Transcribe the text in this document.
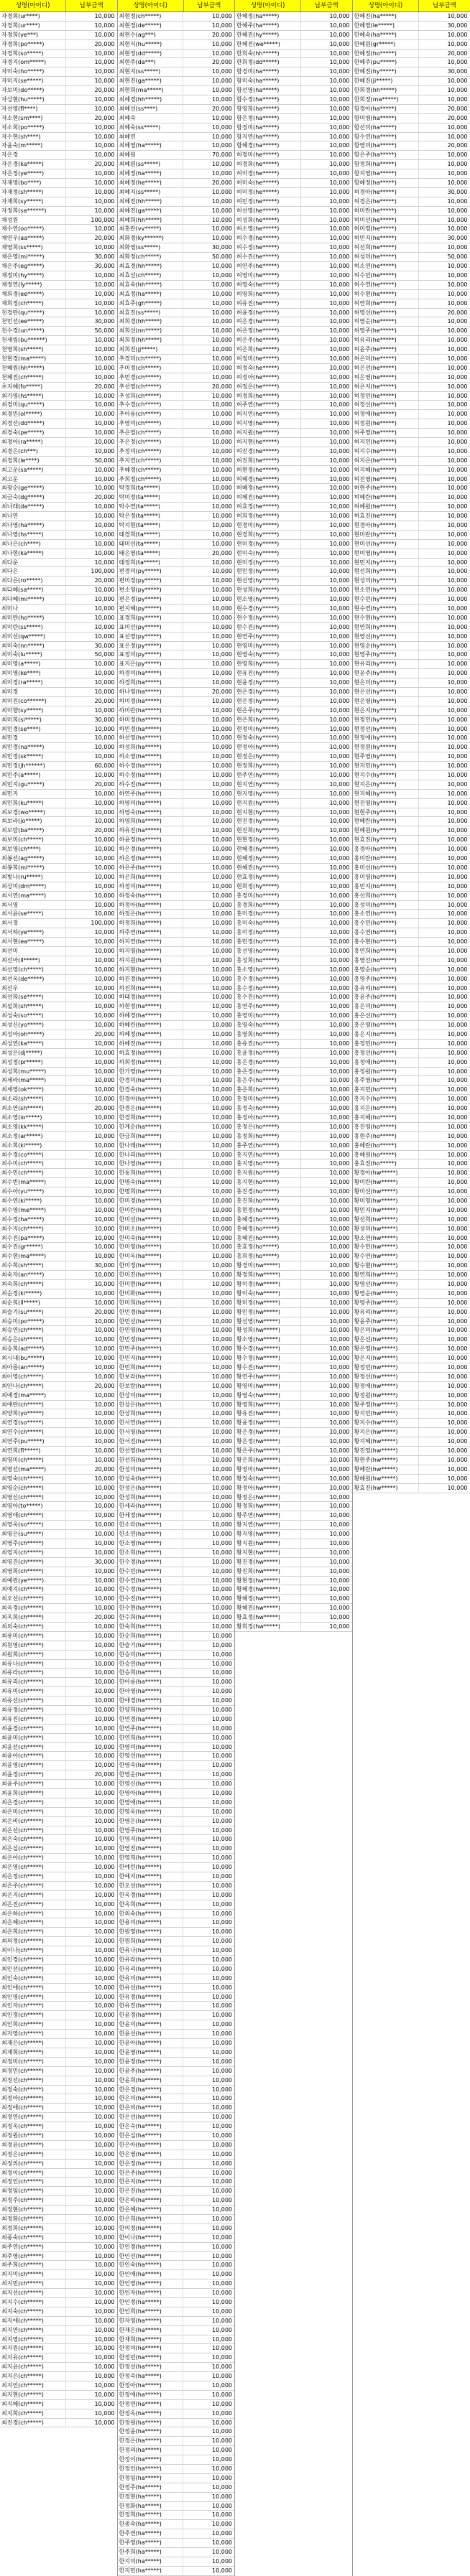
성명(아이디)	납부금액
자경희(ur****)	10,000
자경희(ur****)	10,000
자경희(ye***)	10,000
자경희(po*****)	20,000
자경희(so*****)	10,000
자경지(om*****)	10,000
자미숙(ho*****)	10,000
자미지(se*****)	10,000
자보미(do*****)	20,000
자상현(hu*****)	10,000
자선영(fl****)	10,000
자소현(sm****)	20,000
자소희(po*****)	10,000
자수현(sh****)	10,000
자윤숙(m*****)	10,000
자은경	10,000
자은경(ka*****)	20,000
자은정(ye*****)	10,000
자재영(bo****)	10,000
자재정(sh*****)	10,000
자재희(sy*****)	10,000
자정희(sa******)	10,000
채성원	100,000
채수연(oo*****)	10,000
채연우(aa*****)	20,000
채영희(ss*****)	10,000
채은영(mi*****)	30,000
채은주(eg*****)	30,000
채정미(hy*****)	10,000
채정연(ly*****)	10,000
채희경(ee*****)	10,000
채희정(ch*****)	10,000
천경란(qu*****)	10,000
천민선(ee*****)	30,000
천수경(un*****)	50,000
천세림(bu******)	10,000
천영희(sh*****)	10,000
천현경(ma*****)	10,000
천혜원(hh*****)	10,000
천혜진(ch*****)	10,000
초지혜(fo*****)	20,000
최가영(hs*****)	10,000
최경미(qu*****)	10,000
최경민(ol*****)	10,000
최경선(dd*****)	10,000
최경숙(pe*****)	10,000
최경아(ra*****)	10,000
최경은(ch***)	10,000
최경희(le****)	50,000
최고운(sa*****)	10,000
최고운	10,000
최광순(ge*****)	10,000
최금숙(dg*****)	20,000
최나래(da*****)	10,000
최나연	10,000
최나영(ha*****)	10,000
최나영(hs*****)	10,000
최나은(ch****)	10,000
최나현(ka*****)	10,000
최다운	10,000
최다은	100,000
최다은(ro*****)	20,000
최다혜(sa*****)	10,000
최다혜(mi*****)	10,000
최미나	10,000
최미란(ho*****)	10,000
최미란(ss*****)	10,000
최미선(qw*****)	10,000
최미숙(nn*****)	30,000
최미숙(lu*****)	50,000
최미영(a*****)	10,000
최미영(ke****)	10,000
최미정(ra*****)	10,000
최미정	10,000
최미진(co******)	20,000
최미향(sy*****)	10,000
최미희(si*****)	30,000
최민경(se****)	10,000
최민경	10,000
최민경(na*****)	10,000
최민정(sk*****)	10,000
최민정(jh******)	60,000
최민주(a*****)	10,000
최민지(gu*****)	20,000
최민지	10,000
최민희(ku*****)	10,000
최보경(wo*****)	10,000
최보라(jo*****)	10,000
최보람(ba*****)	20,000
최보미(ch*****)	10,000
최보영(ch****)	10,000
최봉선(ag*****)	10,000
최봉희(ml*****)	10,000
최빛나(ru*****)	10,000
최상미(dm*****)	10,000
최서연(ma*****)	10,000
최서영	10,000
최서윤(se*****)	10,000
최서정	100,000
최서하(ye*****)	10,000
최서현(ea*****)	10,000
최선미	10,000
최선아(ll*****)	10,000
최선영(ch*****)	10,000
최선옥(de*****)	10,000
최선우	10,000
최선희(se*****)	10,000
최설희(sh*****)	10,000
최성숙(so*****)	10,000
최성신(yo*****)	10,000
최성아(oh*****)	20,000
최성연(ka*****)	10,000
최성은(dj*****)	10,000
최성정(pr*****)	10,000
최성희(mu*****)	10,000
최세라(ma*****)	10,000
최세영(ok*****)	10,000
최소라(sh*****)	10,000
최소연(sh*****)	20,000
최소영(io*****)	10,000
최소영(kk*****)	10,000
최소정(ar*****)	10,000
최소희(ki*****)	10,000
최수경(co*****)	10,000
최수미(ch*****)	10,000
최수민(ch*****)	10,000
최수빈(ma*****)	10,000
최수아(yu*****)	10,000
최수연(ki*****)	10,000
최수영(me*****)	10,000
최수정(ha*****)	10,000
최수지(ch*****)	10,000
최수진(pa*****)	10,000
최수진(gr*****)	10,000
최수현(ma*****)	10,000
최수희(sh*****)	30,000
최숙자(an*****)	10,000
최숙희(ch*****)	10,000
최순정(ki*****)	10,000
최순희(ll*****)	10,000
최슬기(su*****)	20,000
최승미(po*****)	10,000
최승연(ch*****)	10,000
최승은(sh*****)	10,000
최승희(ad*****)	10,000
최시내(bu*****)	10,000
최아름(an*****)	10,000
최아영(ch*****)	10,000
최안나(ch*****)	20,000
최애경(ma*****)	10,000
최애란(ch*****)	10,000
최양희(yo*****)	10,000
최연경(so*****)	10,000
최연수(ch*****)	10,000
최연주(pu*****)	10,000
최연희(fl*****)	10,000
최영미(ch*****)	10,000
최영선(ma*****)	20,000
최영숙(ch*****)	10,000
최영순(ch*****)	10,000
최영신(ch*****)	10,000
최영아(to*****)	10,000
최영애(ch*****)	10,000
최영옥(so*****)	10,000
최영은(su*****)	10,000
최영주(ch*****)	10,000
최영지(ch*****)	10,000
최영진(ch*****)	30,000
최영희(ch*****)	10,000
최예린(ye*****)	10,000
최예지(ch*****)	10,000
최오선(ch*****)	10,000
최옥경(ch*****)	10,000
최옥희(ch*****)	20,000
최외숙(ch*****)	10,000
최용미(ch*****)	10,000
최원영(ch*****)	10,000
최원희(ch*****)	10,000
최유나(ch*****)	10,000
최유라(ch*****)	10,000
최유리(ch*****)	10,000
최유미(ch*****)	10,000
최유선(ch*****)	10,000
최유정(ch*****)	10,000
최유진(ch*****)	10,000
최윤경(ch*****)	10,000
최윤미(ch*****)	10,000
최윤선(ch*****)	10,000
최윤아(ch*****)	10,000
최윤영(ch*****)	10,000
최윤정(ch*****)	20,000
최윤주(ch*****)	10,000
최윤희(ch*****)	10,000
최은경(ch*****)	10,000
최은미(ch*****)	10,000
최은비(ch*****)	10,000
최은선(ch*****)	10,000
최은숙(ch*****)	10,000
최은실(ch*****)	10,000
최은아(ch*****)	10,000
최은영(ch*****)	10,000
최은정(ch*****)	10,000
최은주(ch*****)	10,000
최은지(ch*****)	10,000
최은진(ch*****)	10,000
최은하(ch*****)	10,000
최은혜(ch*****)	10,000
최은희(ch*****)	10,000
최의정(ch*****)	10,000
최이나(ch*****)	10,000
최인경(ch*****)	10,000
최인선(ch*****)	10,000
최인숙(ch*****)	10,000
최인애(ch*****)	10,000
최인영(ch*****)	10,000
최인자(ch*****)	10,000
최인정(ch*****)	10,000
최인희(ch*****)	10,000
최자영(ch*****)	10,000
최재은(ch*****)	10,000
최재희(ch*****)	10,000
최정미(ch*****)	10,000
최정민(ch*****)	10,000
최정선(ch*****)	10,000
최정숙(ch*****)	10,000
최정아(ch*****)	10,000
최정애(ch*****)	10,000
최정연(ch*****)	10,000
최정옥(ch*****)	10,000
최정원(ch*****)	10,000
최정윤(ch*****)	10,000
최정은(ch*****)	10,000
최정의(ch*****)	10,000
최정이(ch*****)	10,000
최정인(ch*****)	10,000
최정임(ch*****)	10,000
최정주(ch*****)	10,000
최정현(ch*****)	10,000
최정화(ch*****)	10,000
최정희(ch*****)	10,000
최종숙(ch*****)	10,000
최주연(ch*****)	10,000
최주영(ch*****)	10,000
최주희(ch*****)	10,000
최지미(ch*****)	10,000
최지민(ch*****)	10,000
최지선(ch*****)	10,000
최지수(ch*****)	10,000
최지숙(ch*****)	10,000
최지애(ch*****)	10,000
최지연(ch*****)	10,000
최지영(ch*****)	10,000
최지원(ch*****)	10,000
최지유(ch*****)	10,000
최지윤(ch*****)	10,000
최지은(ch*****)	10,000
최지인(ch*****)	10,000
최지현(ch*****)	10,000
최지혜(ch*****)	10,000
최지희(ch*****)	10,000
최진경(ch*****)	10,000
성명(아이디)	납부금액
최현정(ch*****)	10,000
최현정(de*****)	10,000
최현수(ag***)	20,000
최현식(hu*****)	10,000
최현정(dd*****)	10,000
최현주(da***)	20,000
최현지(ss*****)	10,000
최현진(ga*****)	10,000
최현희(ma*****)	10,000
최혜경(hh*****)	10,000
최혜선(ss****)	20,000
최혜숙	10,000
최혜숙(ss*****)	10,000
최혜연	10,000
최혜영(ha*****)	10,000
최혜원	70,000
최혜원(ss*****)	10,000
최혜정(ha*****)	10,000
최혜정(he*****)	20,000
최혜지(ss*****)	10,000
최혜진(hh*****)	10,000
최혜진(ga*****)	10,000
최혜희(hh*****)	10,000
최홍란(vv*****)	10,000
최화경(ky******)	10,000
최화영(ss*****)	30,000
최화정(ch*****)	50,000
최효경(hh*****)	10,000
최효선(ch*****)	10,000
최효숙(hh*****)	10,000
최효정(ha*****)	10,000
최효주(gh*****)	10,000
최효진(ss*****)	10,000
최희경(hh*****)	10,000
최희선(nn*****)	10,000
최희정(hh*****)	10,000
최희진(jj*****)	10,000
추경미(ch*****)	10,000
추미정(ch*****)	10,000
추민경(ch*****)	10,000
추선영(ch*****)	20,000
추성희(ch*****)	10,000
추수경(ch*****)	10,000
추아름(ch*****)	10,000
추영미(ch*****)	10,000
추은영(ch*****)	10,000
추은정(ch*****)	10,000
추정미(ch*****)	10,000
추지연(ch*****)	10,000
추혜경(ch*****)	10,000
추희정(ch*****)	10,000
탁경희(ta*****)	10,000
탁미정(ta*****)	10,000
탁수연(ta*****)	10,000
탁은정(ta*****)	10,000
탁지현(ta*****)	10,000
태경희(ta*****)	10,000
태미선(ta*****)	10,000
태은영(ta*****)	20,000
태정희(ta*****)	10,000
편경미(py*****)	10,000
편미정(py*****)	10,000
편소영(py*****)	10,000
편은정(py*****)	10,000
편지혜(py*****)	10,000
표경희(py*****)	10,000
표미선(py*****)	10,000
표선영(py*****)	10,000
표은정(py*****)	10,000
표정미(py*****)	10,000
표지은(py*****)	10,000
하경미(ha*****)	10,000
하경희(ha*****)	10,000
하나영(ha*****)	20,000
하미경(ha*****)	10,000
하미란(ha*****)	10,000
하미정(ha*****)	10,000
하민정(ha*****)	10,000
하선영(ha*****)	10,000
하성희(ha*****)	10,000
하소영(ha*****)	10,000
하수경(ha*****)	10,000
하수정(ha*****)	10,000
하수진(ha*****)	10,000
하연주(ha*****)	10,000
하영미(ha*****)	10,000
하영숙(ha*****)	10,000
하영희(ha*****)	10,000
하유진(ha*****)	10,000
하윤정(ha*****)	10,000
하은경(ha*****)	10,000
하은정(ha*****)	10,000
하은주(ha*****)	10,000
하은희(ha*****)	10,000
하정미(ha*****)	10,000
하정숙(ha*****)	10,000
하정아(ha*****)	10,000
하정은(ha*****)	10,000
하정희(ha*****)	10,000
하주연(ha*****)	10,000
하지연(ha*****)	10,000
하지영(ha*****)	10,000
하지원(ha*****)	10,000
하지현(ha*****)	10,000
하진경(ha*****)	10,000
하진희(ha*****)	10,000
하태경(ha*****)	10,000
하현정(ha*****)	10,000
하혜경(ha*****)	10,000
하혜린(ha*****)	10,000
하혜정(ha*****)	10,000
하혜진(ha*****)	10,000
하효정(ha*****)	10,000
하희정(ha*****)	10,000
한가영(ha*****)	10,000
한경미(ha*****)	10,000
한경숙(ha*****)	10,000
한경아(ha*****)	10,000
한경은(ha*****)	10,000
한경희(ha*****)	10,000
한계순(ha*****)	10,000
한금희(ha*****)	10,000
한나래(ha*****)	10,000
한나리(ha*****)	10,000
한나영(ha*****)	10,000
한동희(ha*****)	10,000
한명숙(ha*****)	10,000
한명희(ha*****)	10,000
한미경(ha*****)	10,000
한미란(ha*****)	10,000
한미선(ha*****)	10,000
한미소(ha*****)	10,000
한미숙(ha*****)	10,000
한미영(ha*****)	10,000
한미옥(ha*****)	10,000
한미정(ha*****)	10,000
한미진(ha*****)	10,000
한미현(ha*****)	10,000
한미화(ha*****)	10,000
한미희(ha*****)	10,000
한민경(ha*****)	10,000
한민선(ha*****)	10,000
한민영(ha*****)	10,000
한민정(ha*****)	10,000
한민주(ha*****)	10,000
한민지(ha*****)	10,000
한민희(ha*****)	10,000
한보라(ha*****)	10,000
한보람(ha*****)	10,000
한상미(ha*****)	10,000
한상은(ha*****)	10,000
한상희(ha*****)	10,000
한서연(ha*****)	10,000
한서영(ha*****)	10,000
한서진(ha*****)	10,000
한선영(ha*****)	10,000
한선희(ha*****)	10,000
한성미(ha*****)	10,000
한성숙(ha*****)	10,000
한성은(ha*****)	10,000
한성희(ha*****)	10,000
한세라(ha*****)	10,000
한세정(ha*****)	10,000
한소라(ha*****)	10,000
한소연(ha*****)	10,000
한소영(ha*****)	10,000
한소희(ha*****)	10,000
한수경(ha*****)	10,000
한수민(ha*****)	10,000
한수연(ha*****)	10,000
한수정(ha*****)	10,000
한수진(ha*****)	10,000
한수현(ha*****)	10,000
한수희(ha*****)	10,000
한숙희(ha*****)	10,000
한순희(ha*****)	10,000
한슬기(ha*****)	10,000
한승미(ha*****)	10,000
한승연(ha*****)	10,000
한승희(ha*****)	10,000
한아름(ha*****)	10,000
한아영(ha*****)	10,000
한애경(ha*****)	10,000
한양희(ha*****)	10,000
한연경(ha*****)	10,000
한연주(ha*****)	10,000
한연희(ha*****)	10,000
한영미(ha*****)	10,000
한영선(ha*****)	10,000
한영숙(ha*****)	10,000
한영순(ha*****)	10,000
한영신(ha*****)	10,000
한영아(ha*****)	10,000
한영애(ha*****)	10,000
한영옥(ha*****)	10,000
한영은(ha*****)	10,000
한영주(ha*****)	10,000
한영지(ha*****)	10,000
한영진(ha*****)	10,000
한영희(ha*****)	10,000
한예린(ha*****)	10,000
한예지(ha*****)	10,000
한오선(ha*****)	10,000
한옥경(ha*****)	10,000
한옥희(ha*****)	10,000
한외숙(ha*****)	10,000
한용미(ha*****)	10,000
한원영(ha*****)	10,000
한원희(ha*****)	10,000
한유나(ha*****)	10,000
한유라(ha*****)	10,000
한유리(ha*****)	10,000
한유미(ha*****)	10,000
한유선(ha*****)	10,000
한유정(ha*****)	10,000
한유진(ha*****)	10,000
한윤경(ha*****)	10,000
한윤미(ha*****)	10,000
한윤선(ha*****)	10,000
한윤아(ha*****)	10,000
한윤영(ha*****)	10,000
한윤정(ha*****)	10,000
한윤주(ha*****)	10,000
한윤희(ha*****)	10,000
한은경(ha*****)	10,000
한은미(ha*****)	10,000
한은비(ha*****)	10,000
한은선(ha*****)	10,000
한은숙(ha*****)	10,000
한은실(ha*****)	10,000
한은아(ha*****)	10,000
한은영(ha*****)	10,000
한은정(ha*****)	10,000
한은주(ha*****)	10,000
한은지(ha*****)	10,000
한은진(ha*****)	10,000
한은하(ha*****)	10,000
한은혜(ha*****)	10,000
한은희(ha*****)	10,000
한의정(ha*****)	10,000
한이나(ha*****)	10,000
한인경(ha*****)	10,000
한인선(ha*****)	10,000
한인숙(ha*****)	10,000
한인애(ha*****)	10,000
한인영(ha*****)	10,000
한인자(ha*****)	10,000
한인정(ha*****)	10,000
한인희(ha*****)	10,000
한자영(ha*****)	10,000
한재은(ha*****)	10,000
한재희(ha*****)	10,000
한정미(ha*****)	10,000
한정민(ha*****)	10,000
한정선(ha*****)	10,000
한정숙(ha*****)	10,000
한정아(ha*****)	10,000
한정애(ha*****)	10,000
한정연(ha*****)	10,000
한정옥(ha*****)	10,000
한정원(ha*****)	10,000
한정윤(ha*****)	10,000
한정은(ha*****)	10,000
한정의(ha*****)	10,000
한정이(ha*****)	10,000
한정인(ha*****)	10,000
한정임(ha*****)	10,000
한정주(ha*****)	10,000
한정현(ha*****)	10,000
한정화(ha*****)	10,000
한정희(ha*****)	10,000
한종숙(ha*****)	10,000
한주연(ha*****)	10,000
한주영(ha*****)	10,000
한주희(ha*****)	10,000
한지미(ha*****)	10,000
한지민(ha*****)	10,000
성명(아이디)	납부금액
한혜정(ha*****)	10,000
한혜주(ha*****)	10,000
한혜진(hy*****)	10,000
한혜진(we*****)	10,000
한희숙(hh*****)	10,000
한희정(dd*****)	10,000
함경미(ha*****)	10,000
함미숙(ha*****)	10,000
함선영(ha*****)	10,000
함수정(ha*****)	10,000
함영희(ha*****)	10,000
함은정(ha*****)	10,000
함정미(ha*****)	10,000
함지연(ha*****)	10,000
함혜경(ha*****)	10,000
허경미(he*****)	10,000
허경희(he*****)	10,000
허미경(he*****)	10,000
허미숙(he*****)	10,000
허미정(he*****)	10,000
허민정(he*****)	10,000
허선영(he*****)	10,000
허성희(he*****)	10,000
허소영(he*****)	10,000
허수경(he*****)	10,000
허수정(he*****)	10,000
허수진(he*****)	10,000
허연주(he*****)	10,000
허영미(he*****)	10,000
허영숙(he*****)	10,000
허영희(he*****)	10,000
허유진(he*****)	10,000
허윤정(he*****)	10,000
허은경(he*****)	10,000
허은정(he*****)	10,000
허은주(he*****)	10,000
허은희(he*****)	10,000
허정미(he*****)	10,000
허정숙(he*****)	10,000
허정아(he*****)	10,000
허정은(he*****)	10,000
허정희(he*****)	10,000
허주연(he*****)	10,000
허지연(he*****)	10,000
허지영(he*****)	10,000
허지원(he*****)	10,000
허지현(he*****)	10,000
허진경(he*****)	10,000
허진희(he*****)	10,000
허현정(he*****)	10,000
허혜경(he*****)	10,000
허혜정(he*****)	10,000
허혜진(he*****)	10,000
허효정(he*****)	10,000
허희정(he*****)	10,000
현경미(hy*****)	10,000
현경희(hy*****)	10,000
현미경(hy*****)	10,000
현미숙(hy*****)	10,000
현미정(hy*****)	10,000
현민정(hy*****)	10,000
현선영(hy*****)	10,000
현성희(hy*****)	10,000
현소영(hy*****)	10,000
현수경(hy*****)	10,000
현수정(hy*****)	10,000
현수진(hy*****)	10,000
현연주(hy*****)	10,000
현영미(hy*****)	10,000
현영숙(hy*****)	10,000
현영희(hy*****)	10,000
현유진(hy*****)	10,000
현윤정(hy*****)	10,000
현은경(hy*****)	10,000
현은정(hy*****)	10,000
현은주(hy*****)	10,000
현은희(hy*****)	10,000
현정미(hy*****)	10,000
현정숙(hy*****)	10,000
현정아(hy*****)	10,000
현정은(hy*****)	10,000
현정희(hy*****)	10,000
현주연(hy*****)	10,000
현지연(hy*****)	10,000
현지영(hy*****)	10,000
현지원(hy*****)	10,000
현지현(hy*****)	10,000
현진경(hy*****)	10,000
현진희(hy*****)	10,000
현현정(hy*****)	10,000
현혜경(hy*****)	10,000
현혜정(hy*****)	10,000
현혜진(hy*****)	10,000
현효정(hy*****)	10,000
현희정(hy*****)	10,000
홍경미(ho*****)	10,000
홍경희(ho*****)	10,000
홍미경(ho*****)	10,000
홍미숙(ho*****)	10,000
홍미정(ho*****)	10,000
홍민정(ho*****)	10,000
홍선영(ho*****)	10,000
홍성희(ho*****)	10,000
홍소영(ho*****)	10,000
홍수경(ho*****)	10,000
홍수정(ho*****)	10,000
홍수진(ho*****)	10,000
홍연주(ho*****)	10,000
홍영미(ho*****)	10,000
홍영숙(ho*****)	10,000
홍영희(ho*****)	10,000
홍유진(ho*****)	10,000
홍윤정(ho*****)	10,000
홍은경(ho*****)	10,000
홍은정(ho*****)	10,000
홍은주(ho*****)	10,000
홍은희(ho*****)	10,000
홍정미(ho*****)	10,000
홍정숙(ho*****)	10,000
홍정아(ho*****)	10,000
홍정은(ho*****)	10,000
홍정희(ho*****)	10,000
홍주연(ho*****)	10,000
홍지연(ho*****)	10,000
홍지영(ho*****)	10,000
홍지원(ho*****)	10,000
홍지현(ho*****)	10,000
홍진경(ho*****)	10,000
홍진희(ho*****)	10,000
홍현정(ho*****)	10,000
홍혜경(ho*****)	10,000
홍혜정(ho*****)	10,000
홍혜진(ho*****)	10,000
홍효정(ho*****)	10,000
홍희정(ho*****)	10,000
황경미(hw*****)	10,000
황경희(hw*****)	10,000
황미경(hw*****)	10,000
황미숙(hw*****)	10,000
황미정(hw*****)	10,000
황민정(hw*****)	10,000
황선영(hw*****)	10,000
황성희(hw*****)	10,000
황소영(hw*****)	10,000
황수경(hw*****)	10,000
황수정(hw*****)	10,000
황수진(hw*****)	10,000
황연주(hw*****)	10,000
황영미(hw*****)	10,000
황영숙(hw*****)	10,000
황영희(hw*****)	10,000
황유진(hw*****)	10,000
황윤정(hw*****)	10,000
황은경(hw*****)	10,000
황은정(hw*****)	10,000
황은주(hw*****)	10,000
황은희(hw*****)	10,000
황정미(hw*****)	10,000
황정숙(hw*****)	10,000
황정아(hw*****)	10,000
황정은(hw*****)	10,000
황정희(hw*****)	10,000
황주연(hw*****)	10,000
황지연(hw*****)	10,000
황지영(hw*****)	10,000
황지원(hw*****)	10,000
황지현(hw*****)	10,000
황진경(hw*****)	10,000
황진희(hw*****)	10,000
황현정(hw*****)	10,000
황혜경(hw*****)	10,000
황혜정(hw*****)	10,000
황혜진(hw*****)	10,000
황효정(hw*****)	10,000
황희정(hw*****)	10,000
성명(아이디)	납부금액
한혜진(ha*****)	10,000
한혜영(le*****)	30,000
한혜숙(ha*****)	10,000
한혜원(gr*****)	10,000
한혜정(ho*****)	20,000
한혜주(pu*****)	10,000
한혜진(hy*****)	30,000
한혜진(ji*****)	10,000
한희경(hh*****)	10,000
한희정(ma*****)	10,000
함경아(ha*****)	20,000
함미영(ha*****)	20,000
함선미(ha*****)	10,000
함수연(ha*****)	10,000
함영미(ha*****)	20,000
함은주(ha*****)	10,000
함정희(ha*****)	10,000
함지영(ha*****)	10,000
함혜정(ha*****)	10,000
허경아(he*****)	30,000
허경은(he*****)	10,000
허미란(he*****)	10,000
허미선(he*****)	10,000
허미영(he*****)	10,000
허민지(he*****)	30,000
허선희(he*****)	10,000
허성미(he*****)	50,000
허소연(he*****)	10,000
허수민(he*****)	10,000
허수연(he*****)	10,000
허수현(he*****)	10,000
허연희(he*****)	10,000
허영선(he*****)	20,000
허영순(he*****)	10,000
허영주(he*****)	10,000
허유리(he*****)	10,000
허윤주(he*****)	10,000
허은미(he*****)	10,000
허은선(he*****)	10,000
허은영(he*****)	10,000
허은지(he*****)	10,000
허정민(he*****)	10,000
허정선(he*****)	10,000
허정애(he*****)	10,000
허정원(he*****)	10,000
허주영(he*****)	10,000
허지민(he*****)	10,000
허지수(he*****)	10,000
허지은(he*****)	10,000
허지혜(he*****)	10,000
허진영(he*****)	10,000
허현주(he*****)	10,000
허혜란(he*****)	10,000
허혜원(he*****)	10,000
허효진(he*****)	10,000
현경아(hy*****)	10,000
현미란(hy*****)	10,000
현미선(hy*****)	10,000
현미영(hy*****)	10,000
현민지(hy*****)	10,000
현선희(hy*****)	10,000
현성미(hy*****)	10,000
현소연(hy*****)	10,000
현수민(hy*****)	10,000
현수연(hy*****)	10,000
현수현(hy*****)	10,000
현연희(hy*****)	10,000
현영선(hy*****)	10,000
현영순(hy*****)	10,000
현영주(hy*****)	10,000
현유리(hy*****)	10,000
현윤주(hy*****)	10,000
현은미(hy*****)	10,000
현은선(hy*****)	10,000
현은영(hy*****)	10,000
현은지(hy*****)	10,000
현정민(hy*****)	10,000
현정선(hy*****)	10,000
현정애(hy*****)	10,000
현정원(hy*****)	10,000
현주영(hy*****)	10,000
현지민(hy*****)	10,000
현지수(hy*****)	10,000
현지은(hy*****)	10,000
현지혜(hy*****)	10,000
현진영(hy*****)	10,000
현현주(hy*****)	10,000
현혜란(hy*****)	10,000
현혜원(hy*****)	10,000
현효진(hy*****)	10,000
홍경아(ho*****)	10,000
홍미란(ho*****)	10,000
홍미선(ho*****)	10,000
홍미영(ho*****)	10,000
홍민지(ho*****)	10,000
홍선희(ho*****)	10,000
홍성미(ho*****)	10,000
홍소연(ho*****)	10,000
홍수민(ho*****)	10,000
홍수연(ho*****)	10,000
홍수현(ho*****)	10,000
홍연희(ho*****)	10,000
홍영선(ho*****)	10,000
홍영순(ho*****)	10,000
홍영주(ho*****)	10,000
홍유리(ho*****)	10,000
홍윤주(ho*****)	10,000
홍은미(ho*****)	10,000
홍은선(ho*****)	10,000
홍은영(ho*****)	10,000
홍은지(ho*****)	10,000
홍정민(ho*****)	10,000
홍정선(ho*****)	10,000
홍정애(ho*****)	10,000
홍정원(ho*****)	10,000
홍주영(ho*****)	10,000
홍지민(ho*****)	10,000
홍지수(ho*****)	10,000
홍지은(ho*****)	10,000
홍지혜(ho*****)	10,000
홍진영(ho*****)	10,000
홍현주(ho*****)	10,000
홍혜란(ho*****)	10,000
홍혜원(ho*****)	10,000
홍효진(ho*****)	10,000
황경아(hw*****)	10,000
황미란(hw*****)	10,000
황미선(hw*****)	10,000
황미영(hw*****)	10,000
황민지(hw*****)	10,000
황선희(hw*****)	10,000
황성미(hw*****)	10,000
황소연(hw*****)	10,000
황수민(hw*****)	10,000
황수연(hw*****)	10,000
황수현(hw*****)	10,000
황연희(hw*****)	10,000
황영선(hw*****)	10,000
황영순(hw*****)	10,000
황영주(hw*****)	10,000
황유리(hw*****)	10,000
황윤주(hw*****)	10,000
황은미(hw*****)	10,000
황은선(hw*****)	10,000
황은영(hw*****)	10,000
황은지(hw*****)	10,000
황정민(hw*****)	10,000
황정선(hw*****)	10,000
황정애(hw*****)	10,000
황정원(hw*****)	10,000
황주영(hw*****)	10,000
황지민(hw*****)	10,000
황지수(hw*****)	10,000
황지은(hw*****)	10,000
황지혜(hw*****)	10,000
황진영(hw*****)	10,000
황현주(hw*****)	10,000
황혜란(hw*****)	10,000
황혜원(hw*****)	10,000
황효진(hw*****)	10,000
